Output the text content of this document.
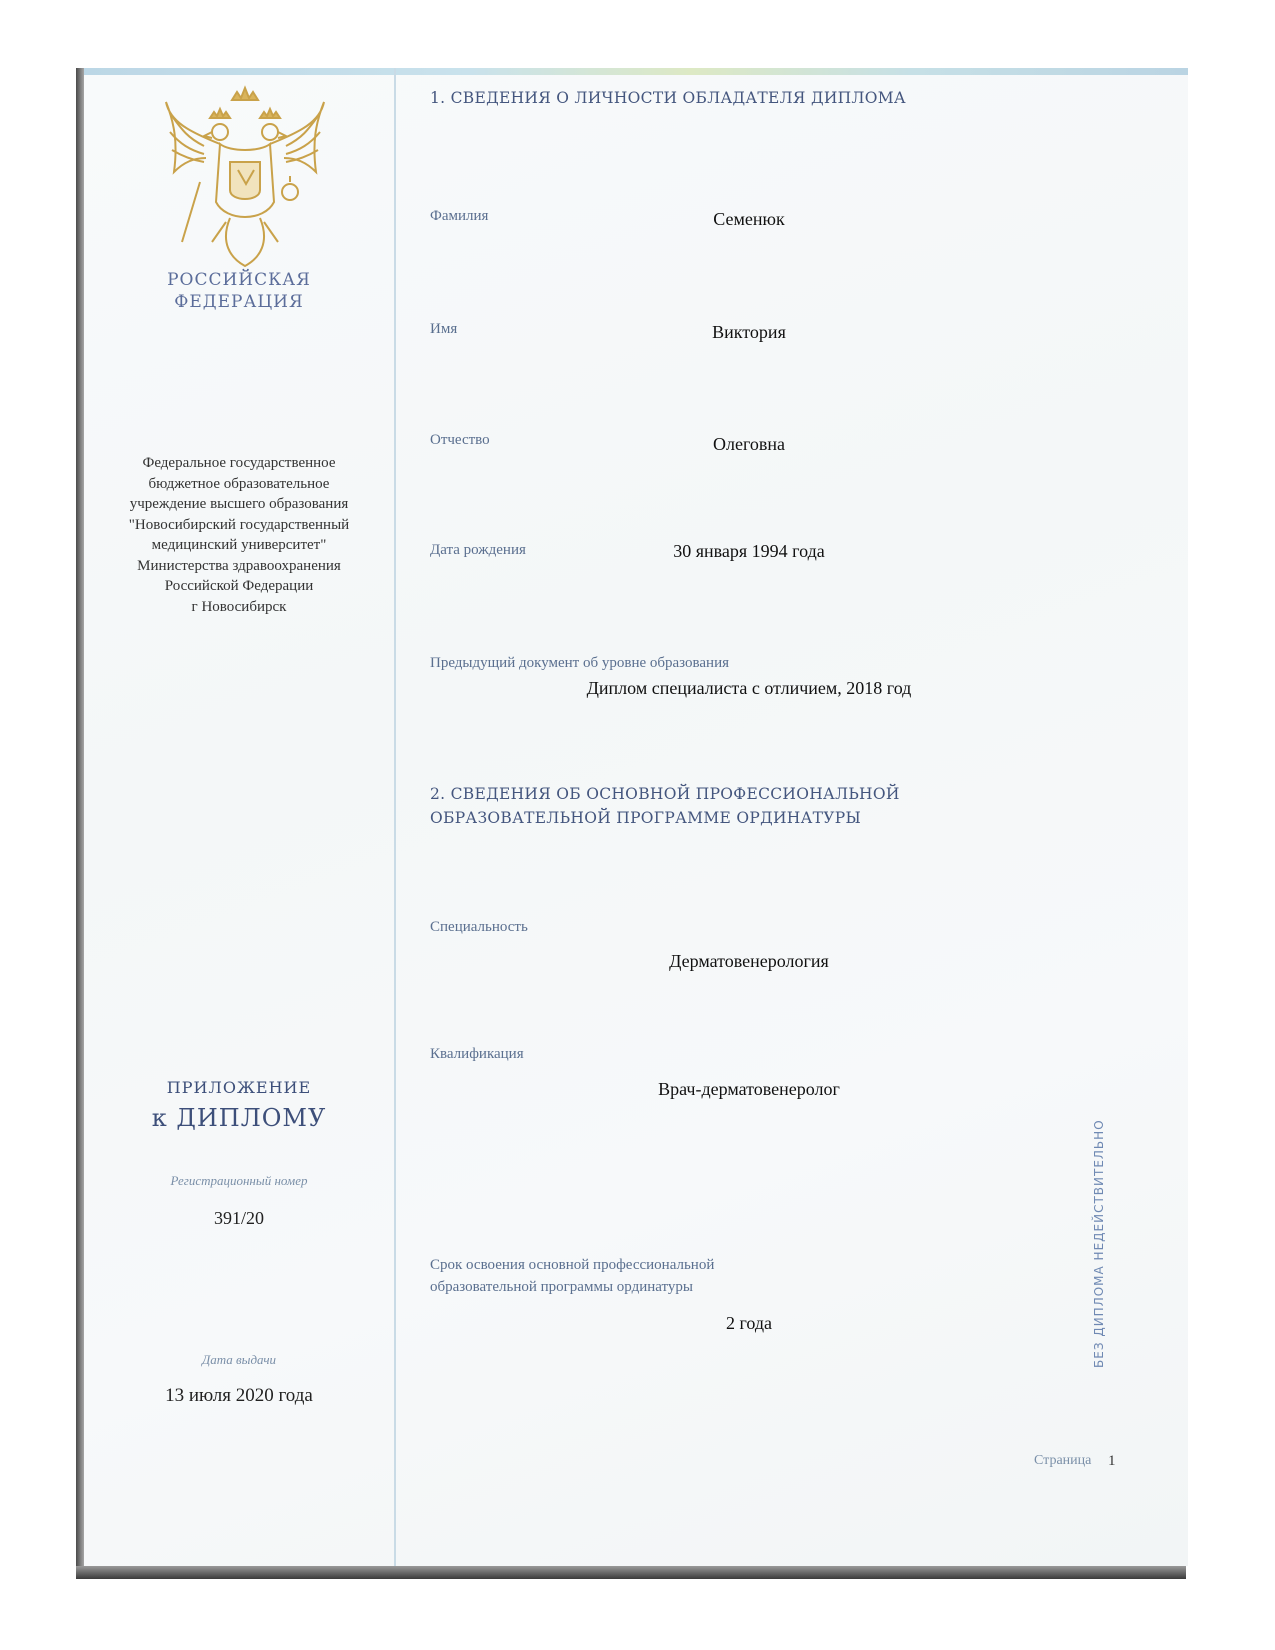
РОССИЙСКАЯ
ФЕДЕРАЦИЯ
Федеральное государственное
бюджетное образовательное
учреждение высшего образования
"Новосибирский государственный
медицинский университет"
Министерства здравоохранения
Российской Федерации
г Новосибирск
ПРИЛОЖЕНИЕ
к ДИПЛОМУ
Регистрационный номер
391/20
Дата выдачи
13 июля 2020 года
1. СВЕДЕНИЯ О ЛИЧНОСТИ ОБЛАДАТЕЛЯ ДИПЛОМА
Фамилия	Семенюк
Имя	Виктория
Отчество	Олеговна
Дата рождения	30 января 1994 года
Предыдущий документ об уровне образования
Диплом специалиста с отличием, 2018 год
2. СВЕДЕНИЯ ОБ ОСНОВНОЙ ПРОФЕССИОНАЛЬНОЙ
ОБРАЗОВАТЕЛЬНОЙ ПРОГРАММЕ ОРДИНАТУРЫ
Специальность
Дерматовенерология
Квалификация
Врач-дерматовенеролог
Срок освоения основной профессиональной
образовательной программы ординатуры
2 года	БЕЗ ДИПЛОМА НЕДЕЙСТВИТЕЛЬНО
Страница 1
